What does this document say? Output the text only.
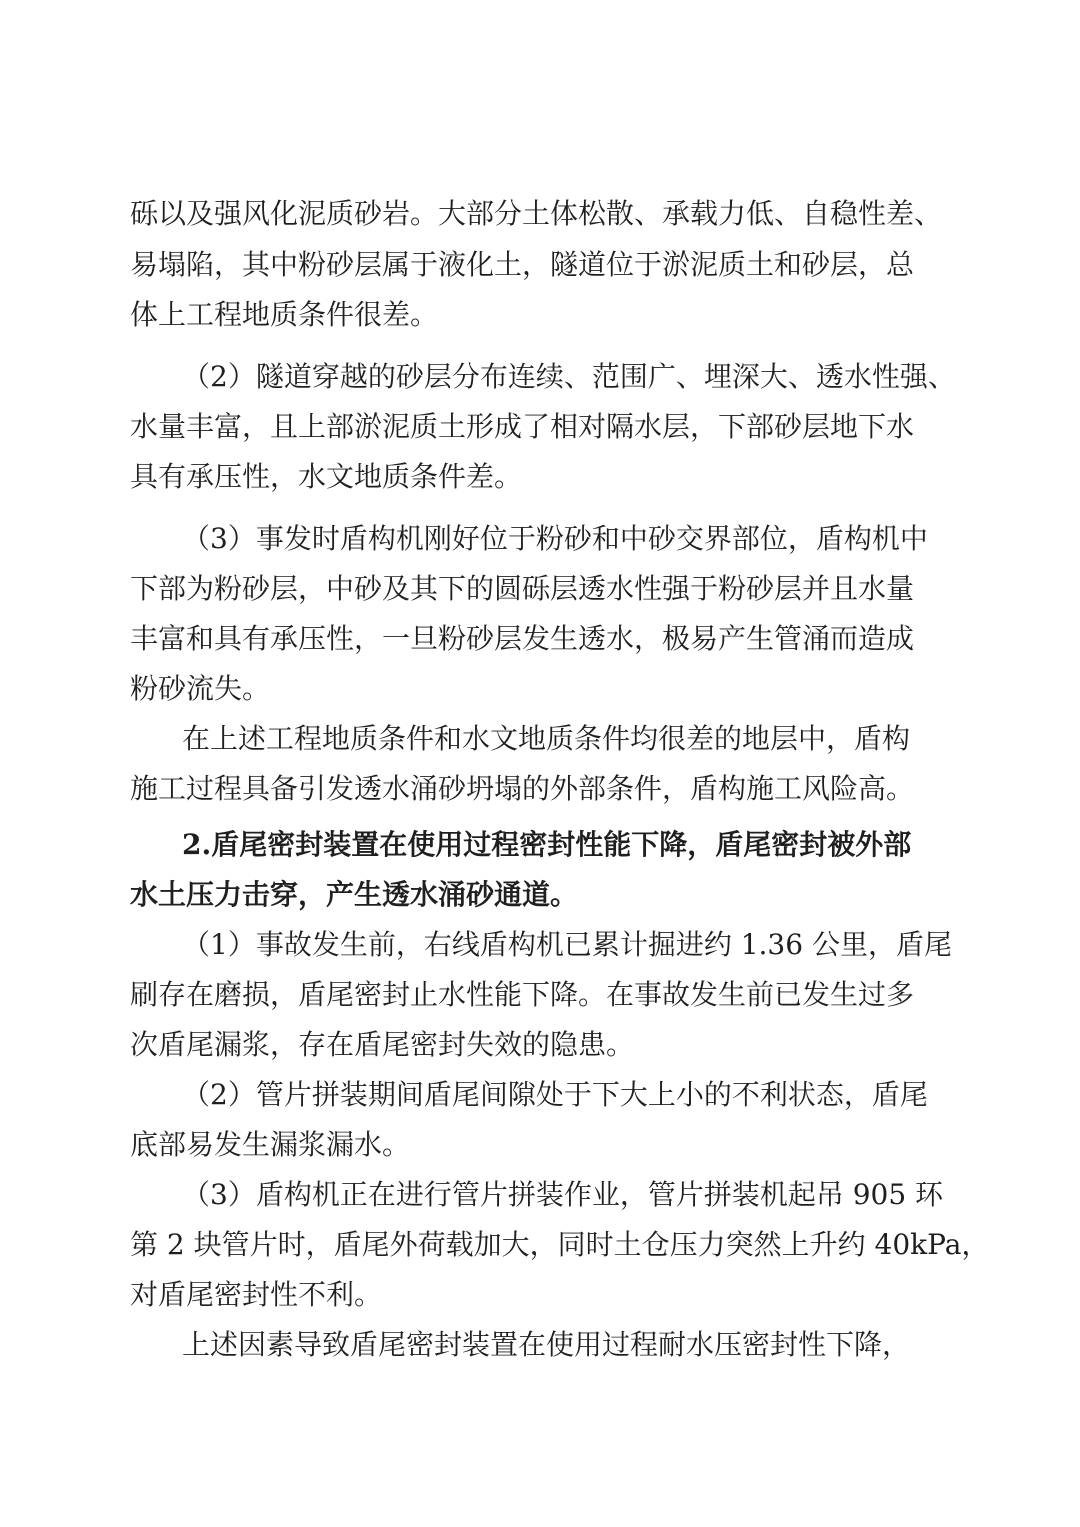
砾以及强风化泥质砂岩。大部分土体松散、承载力低、自稳性差、
易塌陷，其中粉砂层属于液化土，隧道位于淤泥质土和砂层，总
体上工程地质条件很差。
（2）隧道穿越的砂层分布连续、范围广、埋深大、透水性强、
水量丰富，且上部淤泥质土形成了相对隔水层，下部砂层地下水
具有承压性，水文地质条件差。
（3）事发时盾构机刚好位于粉砂和中砂交界部位，盾构机中
下部为粉砂层，中砂及其下的圆砾层透水性强于粉砂层并且水量
丰富和具有承压性，一旦粉砂层发生透水，极易产生管涌而造成
粉砂流失。
在上述工程地质条件和水文地质条件均很差的地层中，盾构
施工过程具备引发透水涌砂坍塌的外部条件，盾构施工风险高。
2.盾尾密封装置在使用过程密封性能下降，盾尾密封被外部
水土压力击穿，产生透水涌砂通道。
（1）事故发生前，右线盾构机已累计掘进约 1.36 公里，盾尾
刷存在磨损，盾尾密封止水性能下降。在事故发生前已发生过多
次盾尾漏浆，存在盾尾密封失效的隐患。
（2）管片拼装期间盾尾间隙处于下大上小的不利状态，盾尾
底部易发生漏浆漏水。
（3）盾构机正在进行管片拼装作业，管片拼装机起吊 905 环
第 2 块管片时，盾尾外荷载加大，同时土仓压力突然上升约 40kPa，
对盾尾密封性不利。
上述因素导致盾尾密封装置在使用过程耐水压密封性下降，
